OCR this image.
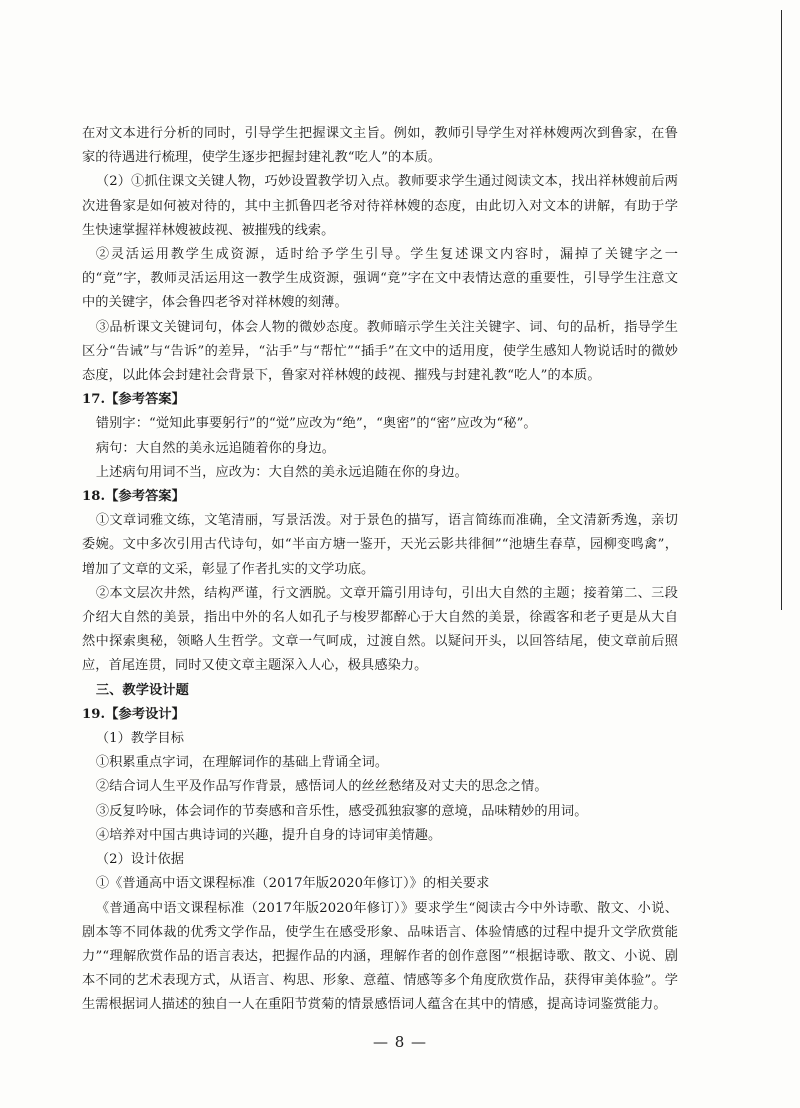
在对文本进行分析的同时，引导学生把握课文主旨。例如，教师引导学生对祥林嫂两次到鲁家，在鲁家的待遇进行梳理，使学生逐步把握封建礼教“吃人”的本质。

（2）①抓住课文关键人物，巧妙设置教学切入点。教师要求学生通过阅读文本，找出祥林嫂前后两次进鲁家是如何被对待的，其中主抓鲁四老爷对待祥林嫂的态度，由此切入对文本的讲解，有助于学生快速掌握祥林嫂被歧视、被摧残的线索。

②灵活运用教学生成资源，适时给予学生引导。学生复述课文内容时，漏掉了关键字之一的“竟”字，教师灵活运用这一教学生成资源，强调“竟”字在文中表情达意的重要性，引导学生注意文中的关键字，体会鲁四老爷对祥林嫂的刻薄。

③品析课文关键词句，体会人物的微妙态度。教师暗示学生关注关键字、词、句的品析，指导学生区分“告诫”与“告诉”的差异，“沾手”与“帮忙”“插手”在文中的适用度，使学生感知人物说话时的微妙态度，以此体会封建社会背景下，鲁家对祥林嫂的歧视、摧残与封建礼教“吃人”的本质。

17.【参考答案】

错别字：“觉知此事要躬行”的“觉”应改为“绝”，“奥密”的“密”应改为“秘”。

病句：大自然的美永远追随着你的身边。

上述病句用词不当，应改为：大自然的美永远追随在你的身边。

18.【参考答案】

①文章词雅文练，文笔清丽，写景活泼。对于景色的描写，语言简练而准确，全文清新秀逸，亲切委婉。文中多次引用古代诗句，如“半亩方塘一鉴开，天光云影共徘徊”“池塘生春草，园柳变鸣禽”，增加了文章的文采，彰显了作者扎实的文学功底。

②本文层次井然，结构严谨，行文洒脱。文章开篇引用诗句，引出大自然的主题；接着第二、三段介绍大自然的美景，指出中外的名人如孔子与梭罗都醉心于大自然的美景，徐霞客和老子更是从大自然中探索奥秘，领略人生哲学。文章一气呵成，过渡自然。以疑问开头，以回答结尾，使文章前后照应，首尾连贯，同时又使文章主题深入人心，极具感染力。

三、教学设计题

19.【参考设计】

（1）教学目标

①积累重点字词，在理解词作的基础上背诵全词。

②结合词人生平及作品写作背景，感悟词人的丝丝愁绪及对丈夫的思念之情。

③反复吟咏，体会词作的节奏感和音乐性，感受孤独寂寥的意境，品味精妙的用词。

④培养对中国古典诗词的兴趣，提升自身的诗词审美情趣。

（2）设计依据

①《普通高中语文课程标准（2017年版2020年修订）》的相关要求

《普通高中语文课程标准（2017年版2020年修订）》要求学生“阅读古今中外诗歌、散文、小说、剧本等不同体裁的优秀文学作品，使学生在感受形象、品味语言、体验情感的过程中提升文学欣赏能力”“理解欣赏作品的语言表达，把握作品的内涵，理解作者的创作意图”“根据诗歌、散文、小说、剧本不同的艺术表现方式，从语言、构思、形象、意蕴、情感等多个角度欣赏作品，获得审美体验”。学生需根据词人描述的独自一人在重阳节赏菊的情景感悟词人蕴含在其中的情感，提高诗词鉴赏能力。

— 8 —
